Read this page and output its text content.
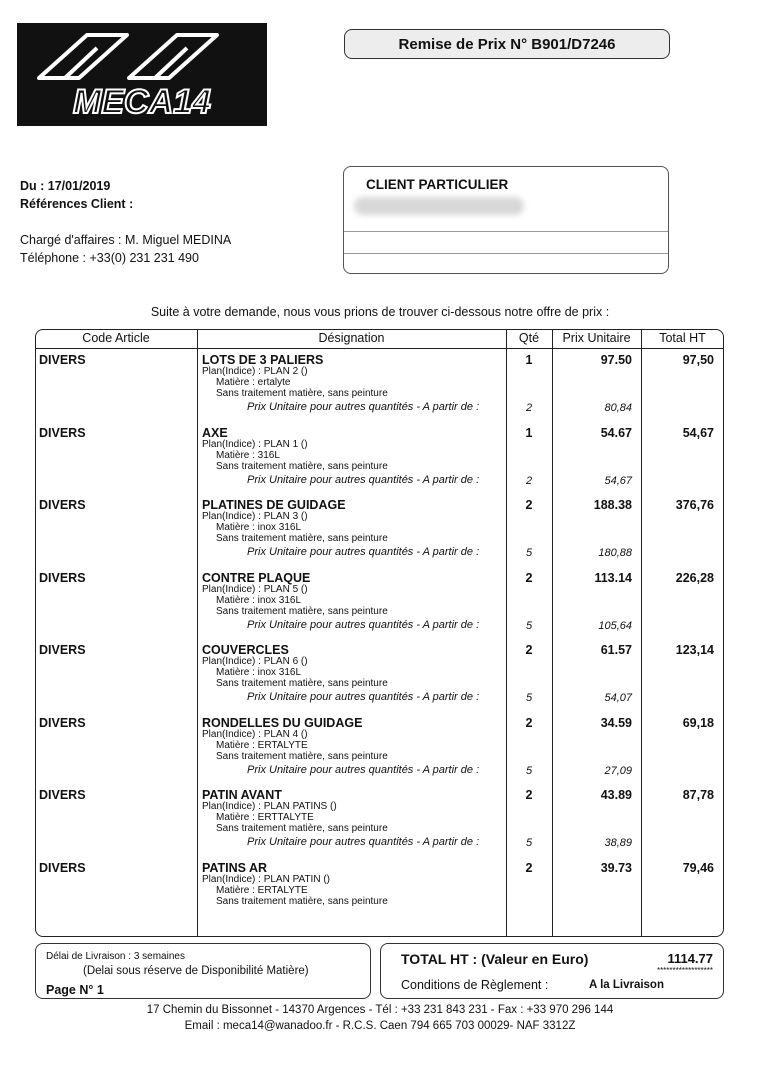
MECA14
Remise de Prix N° B901/D7246
Du : 17/01/2019
Références Client :
Chargé d'affaires : M. Miguel MEDINA
Téléphone : +33(0) 231 231 490
CLIENT PARTICULIER
Suite à votre demande, nous vous prions de trouver ci-dessous notre offre de prix :
Code Article	Désignation	Qté	Prix Unitaire	Total HT
DIVERS	LOTS DE 3 PALIERS
Plan(Indice) : PLAN 2 ()
Matière : ertalyte
Sans traitement matière, sans peinture
1	97.50	97,50
Prix Unitaire pour autres quantités - A partir de :	2	80,84
DIVERS	AXE
Plan(Indice) : PLAN 1 ()
Matière : 316L
Sans traitement matière, sans peinture
1	54.67	54,67
Prix Unitaire pour autres quantités - A partir de :	2	54,67
DIVERS	PLATINES DE GUIDAGE
Plan(Indice) : PLAN 3 ()
Matière : inox 316L
Sans traitement matière, sans peinture
2	188.38	376,76
Prix Unitaire pour autres quantités - A partir de :	5	180,88
DIVERS	CONTRE PLAQUE
Plan(Indice) : PLAN 5 ()
Matière : inox 316L
Sans traitement matière, sans peinture
2	113.14	226,28
Prix Unitaire pour autres quantités - A partir de :	5	105,64
DIVERS	COUVERCLES
Plan(Indice) : PLAN 6 ()
Matière : inox 316L
Sans traitement matière, sans peinture
2	61.57	123,14
Prix Unitaire pour autres quantités - A partir de :	5	54,07
DIVERS	RONDELLES DU GUIDAGE
Plan(Indice) : PLAN 4 ()
Matière : ERTALYTE
Sans traitement matière, sans peinture
2	34.59	69,18
Prix Unitaire pour autres quantités - A partir de :	5	27,09
DIVERS	PATIN AVANT
Plan(Indice) : PLAN PATINS ()
Matière : ERTTALYTE
Sans traitement matière, sans peinture
2	43.89	87,78
Prix Unitaire pour autres quantités - A partir de :	5	38,89
DIVERS	PATINS AR
Plan(Indice) : PLAN PATIN ()
Matière : ERTALYTE
Sans traitement matière, sans peinture
2	39.73	79,46
Délai de Livraison : 3 semaines
(Delai sous réserve de Disponibilité Matière)
Page N° 1
TOTAL HT : (Valeur en Euro)	1114.77
******************
Conditions de Règlement :	A la Livraison
17 Chemin du Bissonnet - 14370 Argences - Tél : +33 231 843 231 - Fax : +33 970 296 144
Email : meca14@wanadoo.fr - R.C.S. Caen 794 665 703 00029- NAF 3312Z
